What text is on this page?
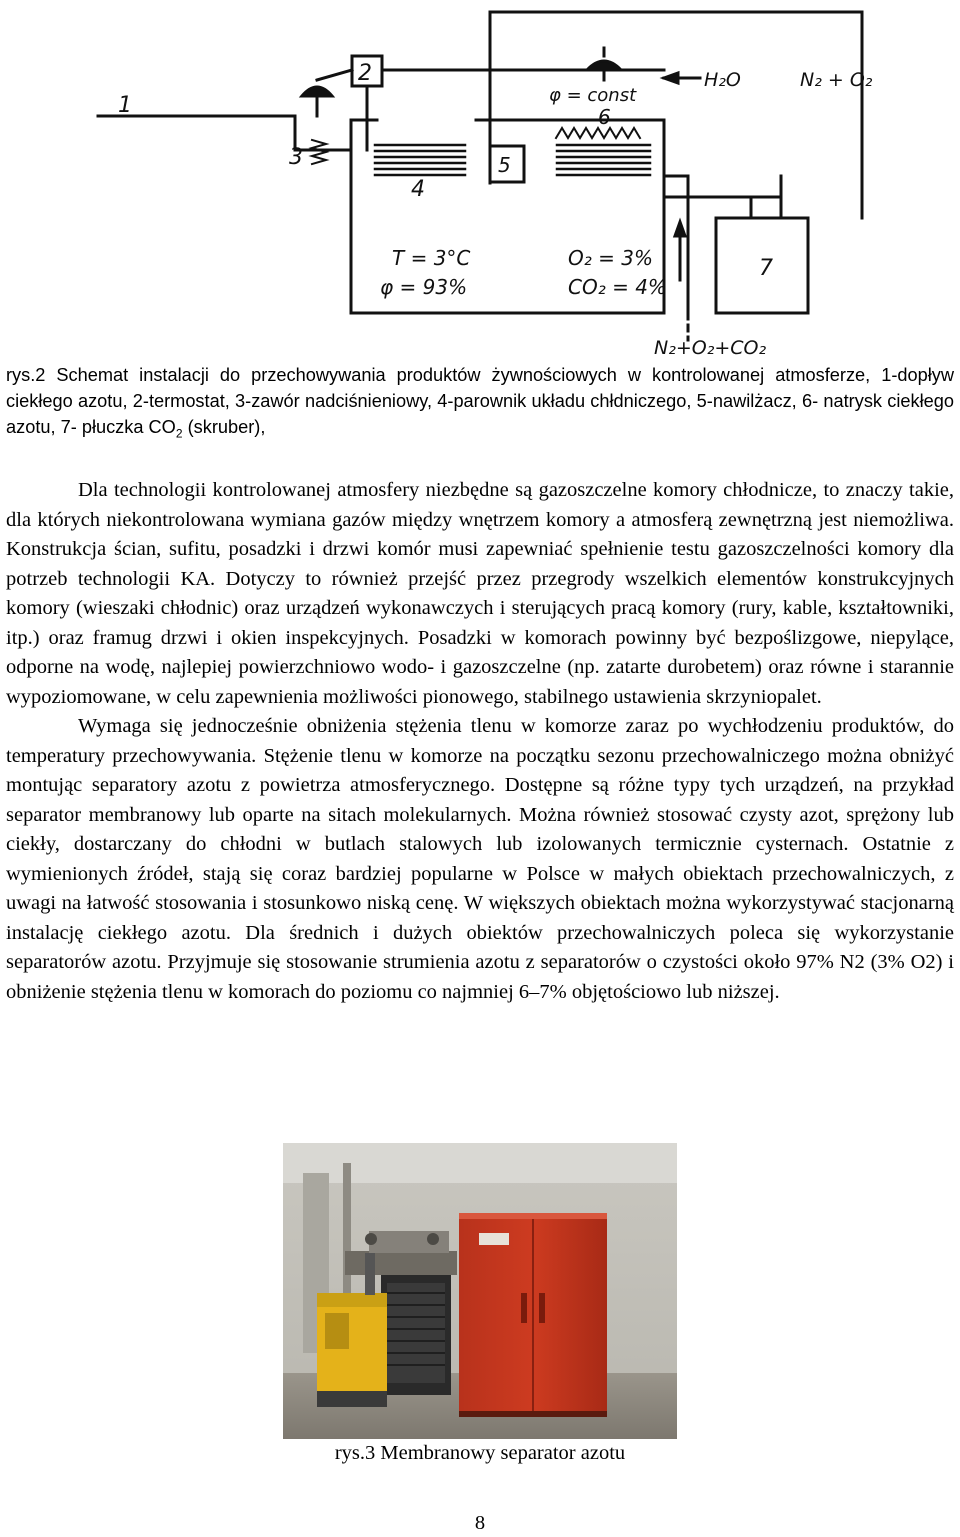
1
2
3
4
5
6
7
φ = const
H₂O	N₂ + O₂
T = 3°C
φ = 93%
O₂ = 3%
CO₂ = 4%
N₂+O₂+CO₂
rys.2 Schemat instalacji do przechowywania produktów żywnościowych w kontrolowanej atmosferze, 1-dopływ ciekłego azotu, 2-termostat, 3-zawór nadciśnieniowy, 4-parownik układu chłdniczego, 5-nawilżacz, 6- natrysk ciekłego azotu, 7- płuczka $CO_2$ (skruber),

Dla technologii kontrolowanej atmosfery niezbędne są gazoszczelne komory chłodnicze, to znaczy takie, dla których niekontrolowana wymiana gazów między wnętrzem komory a atmosferą zewnętrzną jest niemożliwa. Konstrukcja ścian, sufitu, posadzki i drzwi komór musi zapewniać spełnienie testu gazoszczelności komory dla potrzeb technologii KA. Dotyczy to również przejść przez przegrody wszelkich elementów konstrukcyjnych komory (wieszaki chłodnic) oraz urządzeń wykonawczych i sterujących pracą komory (rury, kable, kształtowniki, itp.) oraz framug drzwi i okien inspekcyjnych. Posadzki w komorach powinny być bezpoślizgowe, niepylące, odporne na wodę, najlepiej powierzchniowo wodo- i gazoszczelne (np. zatarte durobetem) oraz równe i starannie wypoziomowane, w celu zapewnienia możliwości pionowego, stabilnego ustawienia skrzyniopalet.

Wymaga się jednocześnie obniżenia stężenia tlenu w komorze zaraz po wychłodzeniu produktów, do temperatury przechowywania. Stężenie tlenu w komorze na początku sezonu przechowalniczego można obniżyć montując separatory azotu z powietrza atmosferycznego. Dostępne są różne typy tych urządzeń, na przykład separator membranowy lub oparte na sitach molekularnych. Można również stosować czysty azot, sprężony lub ciekły, dostarczany do chłodni w butlach stalowych lub izolowanych termicznie cysternach. Ostatnie z wymienionych źródeł, stają się coraz bardziej popularne w Polsce w małych obiektach przechowalniczych, z uwagi na łatwość stosowania i stosunkowo niską cenę. W większych obiektach można wykorzystywać stacjonarną instalację ciekłego azotu. Dla średnich i dużych obiektów przechowalniczych poleca się wykorzystanie separatorów azotu. Przyjmuje się stosowanie strumienia azotu z separatorów o czystości około 97% N2 (3% O2) i obniżenie stężenia tlenu w komorach do poziomu co najmniej 6–7% objętościowo lub niższej.

rys.3 Membranowy separator azotu
8
